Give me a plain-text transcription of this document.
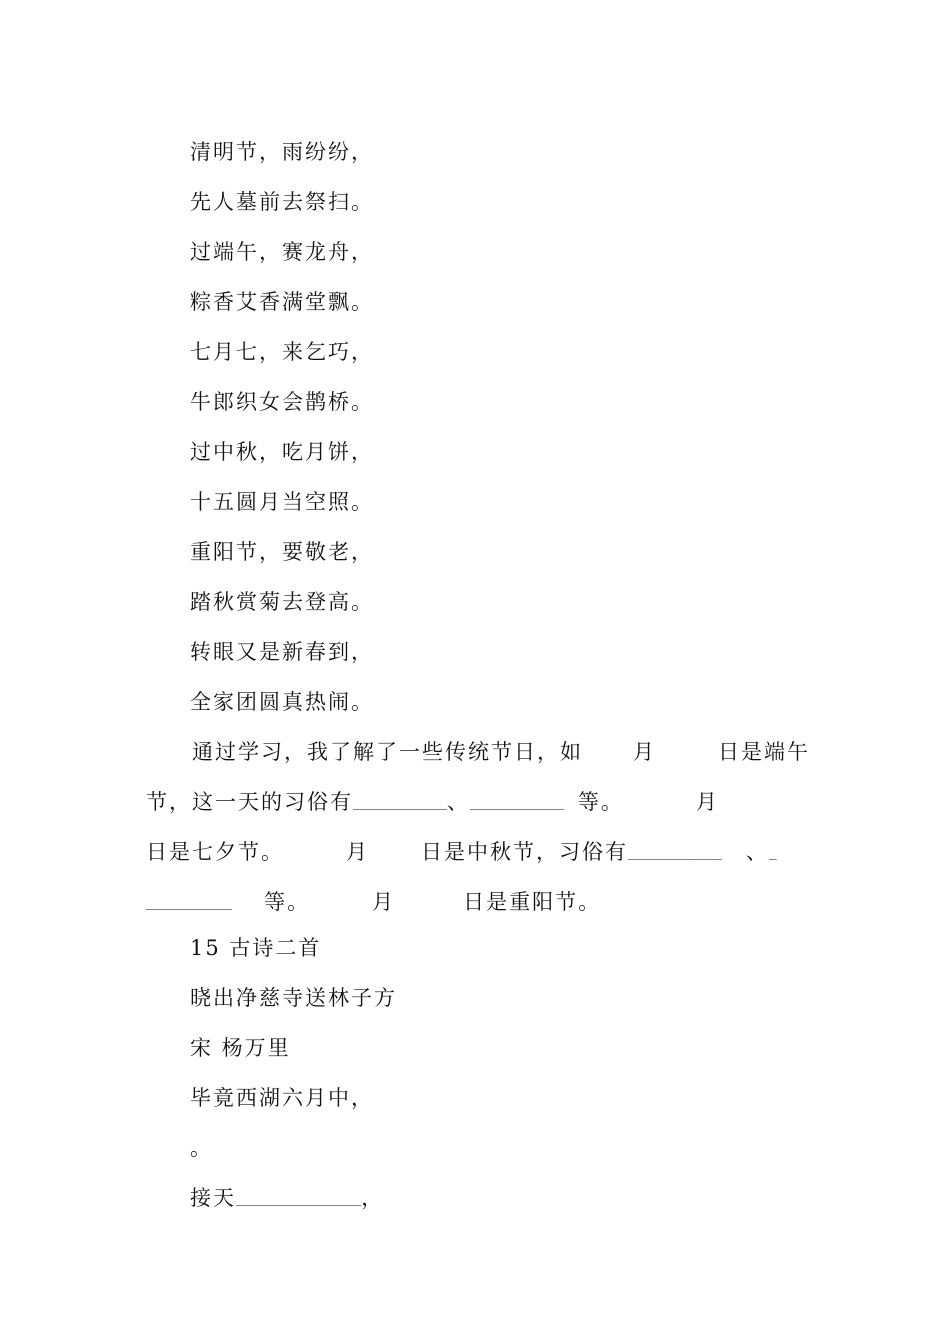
清明节，雨纷纷，
先人墓前去祭扫。
过端午，赛龙舟，
粽香艾香满堂飘。
七月七，来乞巧，
牛郎织女会鹊桥。
过中秋，吃月饼，
十五圆月当空照。
重阳节，要敬老，
踏秋赏菊去登高。
转眼又是新春到，
全家团圆真热闹。
通过学习，我了解了一些传统节日，如 月	日是端午
节，这一天的习俗有____________、____________ 等。	月
日是七夕节。	月 日是中秋节，习俗有____________ 、_
___________ 等。	月	日是重阳节。
15 古诗二首
晓出净慈寺送林子方
宋 杨万里
毕竟西湖六月中，
。
接天________________，
